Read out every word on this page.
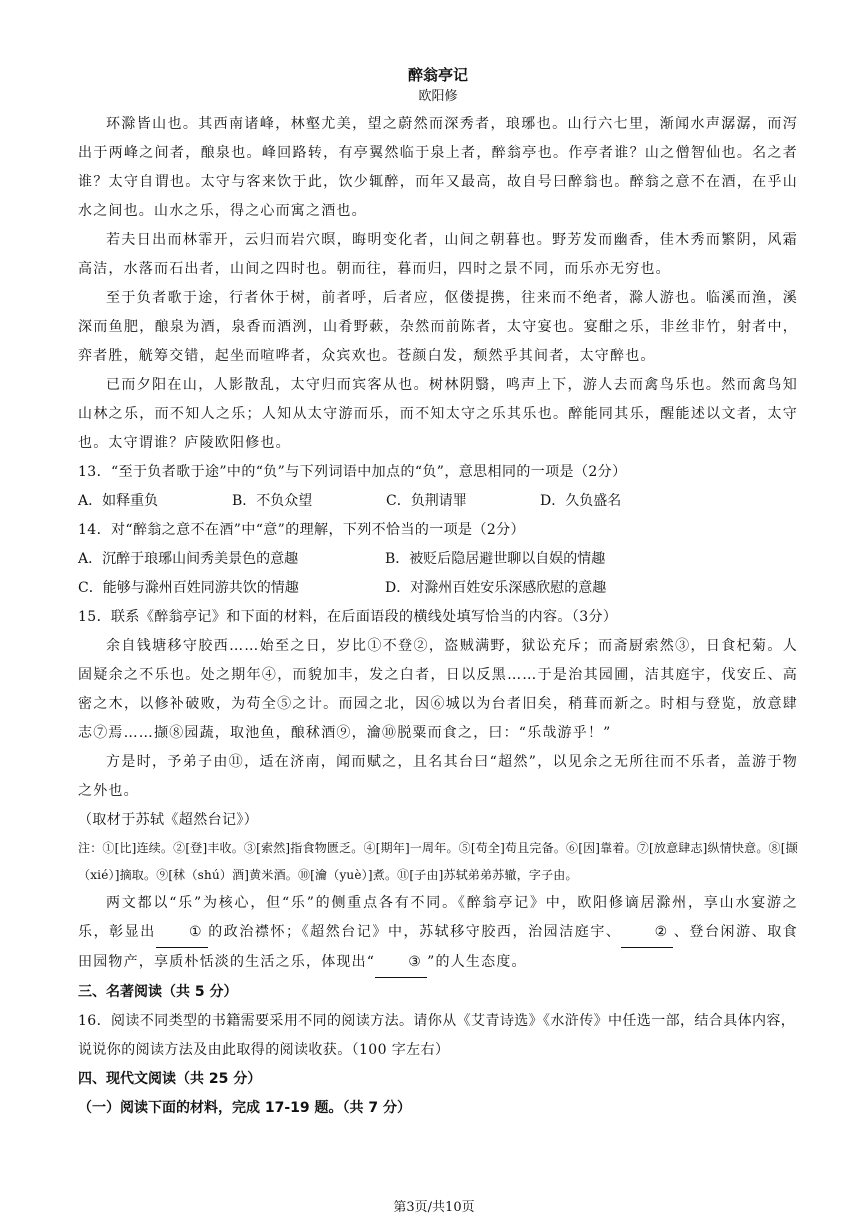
醉翁亭记

欧阳修

环滁皆山也。其西南诸峰，林壑尤美，望之蔚然而深秀者，琅琊也。山行六七里，渐闻水声潺潺，而泻出于两峰之间者，酿泉也。峰回路转，有亭翼然临于泉上者，醉翁亭也。作亭者谁？山之僧智仙也。名之者谁？太守自谓也。太守与客来饮于此，饮少辄醉，而年又最高，故自号曰醉翁也。醉翁之意不在酒，在乎山水之间也。山水之乐，得之心而寓之酒也。

若夫日出而林霏开，云归而岩穴暝，晦明变化者，山间之朝暮也。野芳发而幽香，佳木秀而繁阴，风霜高洁，水落而石出者，山间之四时也。朝而往，暮而归，四时之景不同，而乐亦无穷也。

至于负者歌于途，行者休于树，前者呼，后者应，伛偻提携，往来而不绝者，滁人游也。临溪而渔，溪深而鱼肥，酿泉为酒，泉香而酒洌，山肴野蔌，杂然而前陈者，太守宴也。宴酣之乐，非丝非竹，射者中，弈者胜，觥筹交错，起坐而喧哗者，众宾欢也。苍颜白发，颓然乎其间者，太守醉也。

已而夕阳在山，人影散乱，太守归而宾客从也。树林阴翳，鸣声上下，游人去而禽鸟乐也。然而禽鸟知山林之乐，而不知人之乐；人知从太守游而乐，而不知太守之乐其乐也。醉能同其乐，醒能述以文者，太守也。太守谓谁？庐陵欧阳修也。

13．“至于负者歌于途”中的“负”与下列词语中加点的“负”，意思相同的一项是（2分）

A．如释重负	B．不负众望	C．负荆请罪	D．久负盛名

14．对“醉翁之意不在酒”中“意”的理解，下列不恰当的一项是（2分）

A．沉醉于琅琊山间秀美景色的意趣	B．被贬后隐居避世聊以自娱的情趣
C．能够与滁州百姓同游共饮的情趣	D．对滁州百姓安乐深感欣慰的意趣

15．联系《醉翁亭记》和下面的材料，在后面语段的横线处填写恰当的内容。（3分）

余自钱塘移守胶西……始至之日，岁比①不登②，盗贼满野，狱讼充斥；而斋厨索然③，日食杞菊。人固疑余之不乐也。处之期年④，而貌加丰，发之白者，日以反黑……于是治其园圃，洁其庭宇，伐安丘、高密之木，以修补破败，为苟全⑤之计。而园之北，因⑥城以为台者旧矣，稍葺而新之。时相与登览，放意肆志⑦焉……撷⑧园蔬，取池鱼，酿秫酒⑨，瀹⑩脱粟而食之，曰：“乐哉游乎！”

方是时，予弟子由⑪，适在济南，闻而赋之，且名其台曰“超然”，以见余之无所往而不乐者，盖游于物之外也。

（取材于苏轼《超然台记》）

注：①[比]连续。②[登]丰收。③[索然]指食物匮乏。④[期年]一周年。⑤[苟全]苟且完备。⑥[因]靠着。⑦[放意肆志]纵情快意。⑧[撷（xié）]摘取。⑨[秫（shú）酒]黄米酒。⑩[瀹（yuè）]煮。⑪[子由]苏轼弟弟苏辙，字子由。

两文都以“乐”为核心，但“乐”的侧重点各有不同。《醉翁亭记》中，欧阳修谪居滁州，享山水宴游之乐，彰显出 ① 的政治襟怀；《超然台记》中，苏轼移守胶西，治园洁庭宇、 ② 、登台闲游、取食田园物产，享质朴恬淡的生活之乐，体现出“ ③ ”的人生态度。

三、名著阅读（共 5 分）

16．阅读不同类型的书籍需要采用不同的阅读方法。请你从《艾青诗选》《水浒传》中任选一部，结合具体内容，说说你的阅读方法及由此取得的阅读收获。（100 字左右）

四、现代文阅读（共 25 分）

（一）阅读下面的材料，完成 17-19 题。（共 7 分）

第3页/共10页
